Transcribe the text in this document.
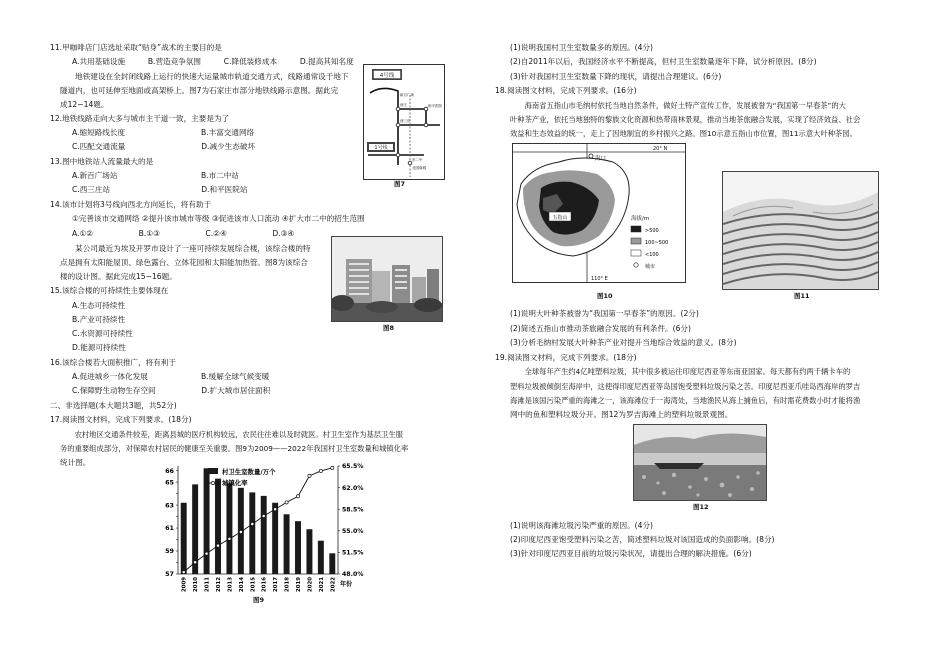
11.甲咖啡店门店选址采取“贴身”战术的主要目的是
A.共用基础设施　　　B.营造竞争氛围　　　C.降低装修成本　　　D.提高其知名度
　　地铁建设在全封闭线路上运行的快速大运量城市轨道交通方式，线路通常设于地下
隧道内，也可延伸至地面或高架桥上。图7为石家庄市部分地铁线路示意图。据此完
成12~14题。
12.地铁线路走向大多与城市主干道一致，主要是为了
A.缩短路线长度　　　　　　　　　　B.丰富交通网络
C.匹配交通流量　　　　　　　　　　D.减少生态破坏
13.图中地铁站人流量最大的是
A.新百广场站　　　　　　　　　　　B.市二中站
C.西三庄站　　　　　　　　　　　　D.和平医院站
14.该市计划将3号线向西北方向延长，将有助于
①完善该市交通网络 ②提升该市城市等级 ③促进该市人口流动 ④扩大市二中的招生范围
A.①②　　　　　　B.①③　　　　　　C.②④　　　　　　D.③④
　　某公司最近为埃及开罗市设计了一座可持续发展综合楼，该综合楼的特
点是拥有太阳能屋顶、绿色露台、立体花园和太阳能加热管。图8为该综合
楼的设计图。据此完成15~16题。
15.该综合楼的可持续性主要体现在
A.生态可持续性
B.产业可持续性
C.水资源可持续性
D.能源可持续性
16.该综合楼若大面积推广，将有利于
A.促进城乡一体化发展　　　　　　　B.缓解全球气候变暖
C.保障野生动物生存空间　　　　　　D.扩大城市居住面积
二、非选择题(本大题共3题，共52分)
17.阅读图文材料，完成下列要求。(18分)
　　农村地区交通条件较差，距离县城的医疗机构较远，农民往往难以及时就医。村卫生室作为基层卫生服
务的重要组成部分，对保障农村居民的健康至关重要。图9为2009——2022年我国村卫生室数量和城镇化率
统计图。
4号线
新百广场
西王	和平医院
西三庄
市二中
北国商城
1号线
图7
图8
57
59
61
63
65
66
48.0%
51.5%
55.0%
58.5%
62.0%
65.5%
2009 2010 2011 2012 2013 2014 2015 2016 2017 2018 2019 2020 2021 2022 年份
村卫生室数量/万个
城镇化率
图9
(1)说明我国村卫生室数量多的原因。(4分)
(2)自2011年以后，我国经济水平不断提高，但村卫生室数量逐年下降，试分析原因。(8分)
(3)针对我国村卫生室数量下降的现状，请提出合理建议。(6分)
18.阅读图文材料，完成下列要求。(16分)
　　海南省五指山市毛纳村依托当地自然条件，做好土特产宣传工作，发展被誉为“我国第一早春茶”的大
叶种茶产业，依托当地独特的黎族文化资源和热带雨林景观，推动当地茶旅融合发展，实现了经济效益、社会
效益和生态效益的统一，走上了因地制宜的乡村振兴之路。图10示意五指山市位置，图11示意大叶种茶园。
海口
五指山
20° N
110° E
海拔/m
>500
100~500
<100
城市
图10	图11
(1)说明大叶种茶被誉为“我国第一早春茶”的原因。(2分)
(2)简述五指山市推动茶旅融合发展的有利条件。(6分)
(3)分析毛纳村发展大叶种茶产业对提升当地综合效益的意义。(8分)
19.阅读图文材料，完成下列要求。(18分)
　　全球每年产生约4亿吨塑料垃圾，其中很多被运往印度尼西亚等东南亚国家。每天都有约两千辆卡车的
塑料垃圾被倾倒至海岸中，这使得印度尼西亚等岛国饱受塑料垃圾污染之苦。印度尼西亚爪哇岛西海岸的罗吉
海滩是该国污染严重的海滩之一，该海滩位于一海湾处，当地渔民从海上捕鱼后，有时需花费数小时才能将渔
网中的鱼和塑料垃圾分开。图12为罗吉海滩上的塑料垃圾景观图。
图12
(1)说明该海滩垃圾污染严重的原因。(4分)
(2)印度尼西亚饱受塑料污染之苦，简述塑料垃圾对该国造成的负面影响。(8分)
(3)针对印度尼西亚目前的垃圾污染状况，请提出合理的解决措施。(6分)
